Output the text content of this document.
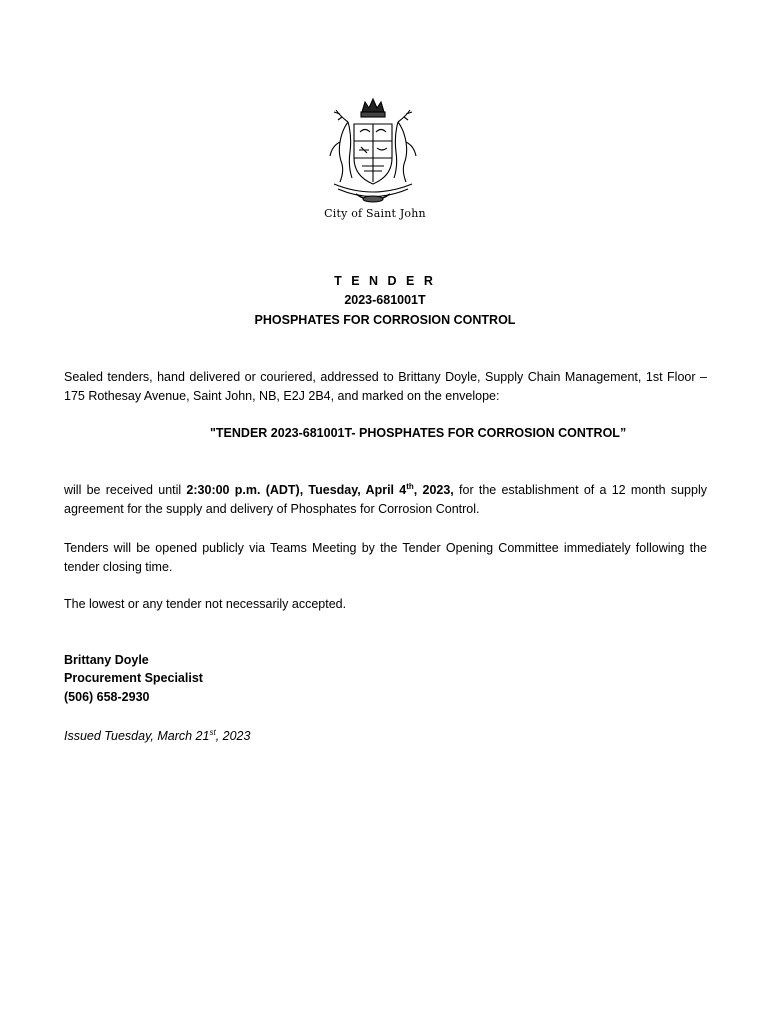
City of Saint John
T E N D E R
2023-681001T
PHOSPHATES FOR CORROSION CONTROL
Sealed tenders, hand delivered or couriered, addressed to Brittany Doyle, Supply Chain Management, 1st Floor – 175 Rothesay Avenue, Saint John, NB, E2J 2B4, and marked on the envelope:
"TENDER 2023-681001T- PHOSPHATES FOR CORROSION CONTROL”
will be received until 2:30:00 p.m. (ADT), Tuesday, April 4th, 2023, for the establishment of a 12 month supply agreement for the supply and delivery of Phosphates for Corrosion Control.
Tenders will be opened publicly via Teams Meeting by the Tender Opening Committee immediately following the tender closing time.
The lowest or any tender not necessarily accepted.
Brittany Doyle
Procurement Specialist
(506) 658-2930
Issued Tuesday, March 21st, 2023
